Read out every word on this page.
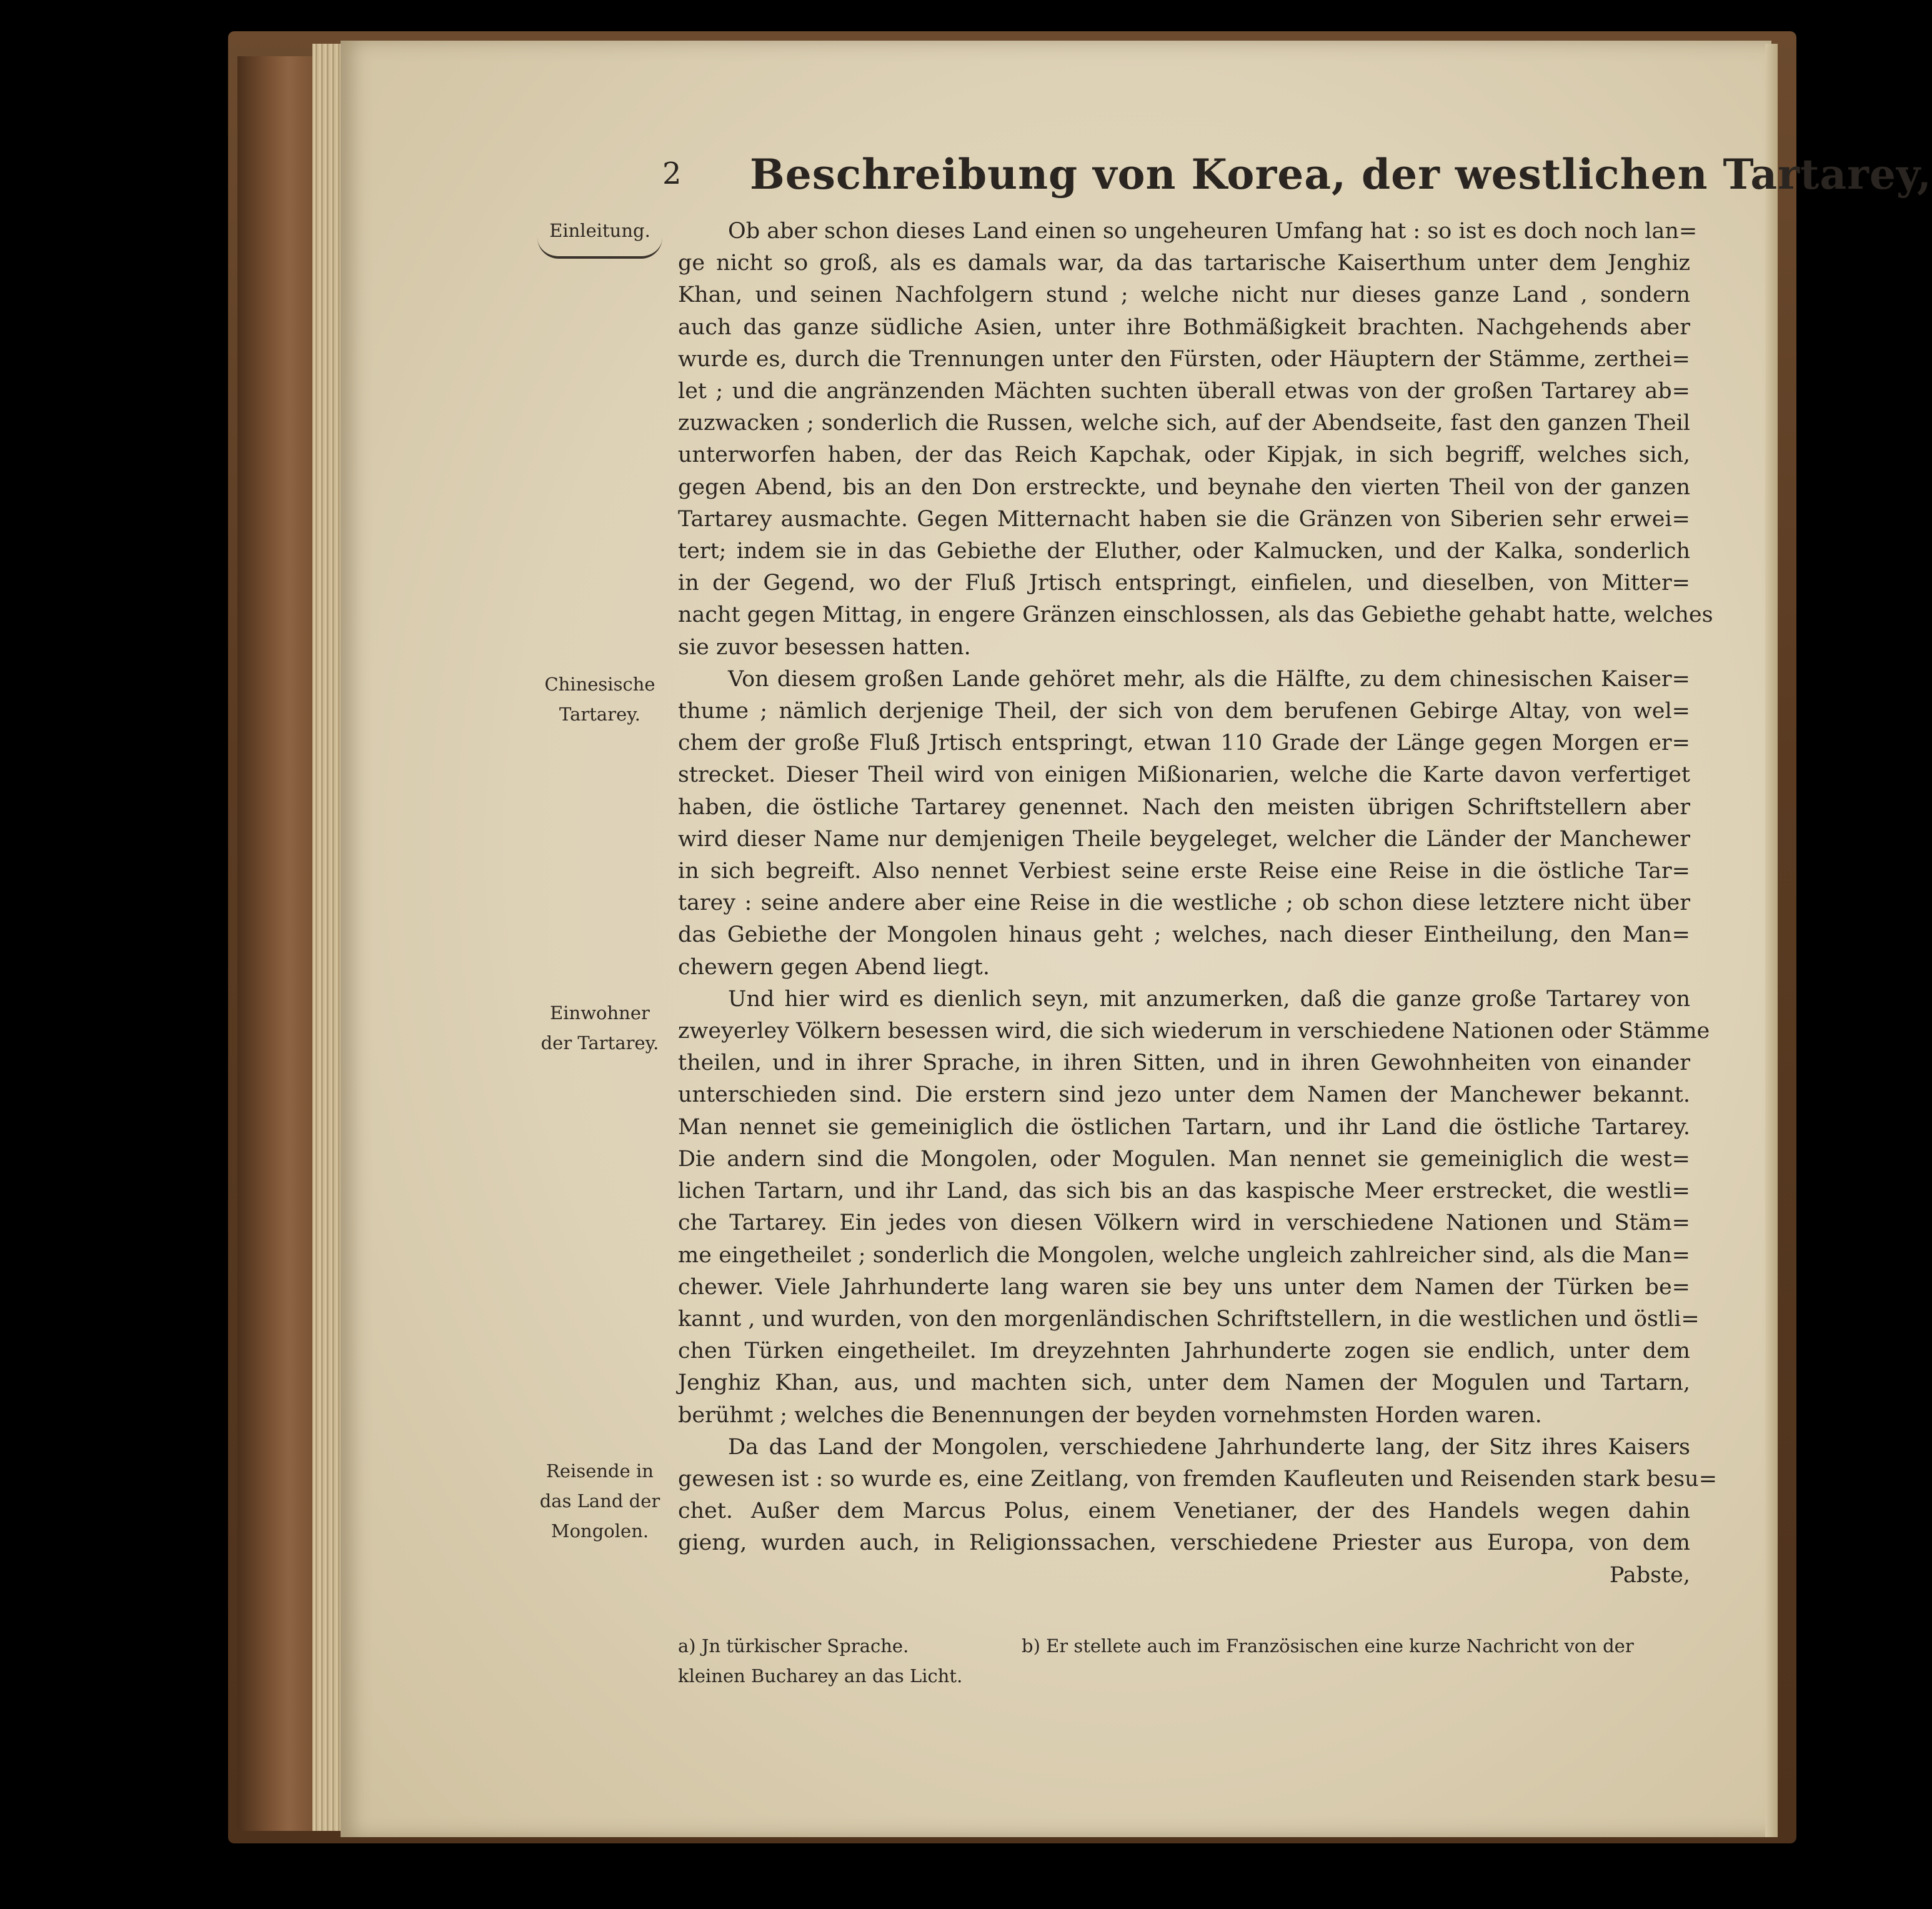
2 Beschreibung von Korea, der westlichen Tartarey,
Einleitung.
Chinesische
Tartarey.
Einwohner
der Tartarey.
Reisende in
das Land der
Mongolen.
Ob aber schon dieses Land einen so ungeheuren Umfang hat : so ist es doch noch lan=
ge nicht so groß, als es damals war, da das tartarische Kaiserthum unter dem Jenghiz
Khan, und seinen Nachfolgern stund ; welche nicht nur dieses ganze Land , sondern
auch das ganze südliche Asien, unter ihre Bothmäßigkeit brachten. Nachgehends aber
wurde es, durch die Trennungen unter den Fürsten, oder Häuptern der Stämme, zerthei=
let ; und die angränzenden Mächten suchten überall etwas von der großen Tartarey ab=
zuzwacken ; sonderlich die Russen, welche sich, auf der Abendseite, fast den ganzen Theil
unterworfen haben, der das Reich Kapchak, oder Kipjak, in sich begriff, welches sich,
gegen Abend, bis an den Don erstreckte, und beynahe den vierten Theil von der ganzen
Tartarey ausmachte. Gegen Mitternacht haben sie die Gränzen von Siberien sehr erwei=
tert; indem sie in das Gebiethe der Eluther, oder Kalmucken, und der Kalka, sonderlich
in der Gegend, wo der Fluß Jrtisch entspringt, einfielen, und dieselben, von Mitter=
nacht gegen Mittag, in engere Gränzen einschlossen, als das Gebiethe gehabt hatte, welches
sie zuvor besessen hatten.
Von diesem großen Lande gehöret mehr, als die Hälfte, zu dem chinesischen Kaiser=
thume ; nämlich derjenige Theil, der sich von dem berufenen Gebirge Altay, von wel=
chem der große Fluß Jrtisch entspringt, etwan 110 Grade der Länge gegen Morgen er=
strecket. Dieser Theil wird von einigen Mißionarien, welche die Karte davon verfertiget
haben, die östliche Tartarey genennet. Nach den meisten übrigen Schriftstellern aber
wird dieser Name nur demjenigen Theile beygeleget, welcher die Länder der Manchewer
in sich begreift. Also nennet Verbiest seine erste Reise eine Reise in die östliche Tar=
tarey : seine andere aber eine Reise in die westliche ; ob schon diese letztere nicht über
das Gebiethe der Mongolen hinaus geht ; welches, nach dieser Eintheilung, den Man=
chewern gegen Abend liegt.
Und hier wird es dienlich seyn, mit anzumerken, daß die ganze große Tartarey von
zweyerley Völkern besessen wird, die sich wiederum in verschiedene Nationen oder Stämme
theilen, und in ihrer Sprache, in ihren Sitten, und in ihren Gewohnheiten von einander
unterschieden sind. Die erstern sind jezo unter dem Namen der Manchewer bekannt.
Man nennet sie gemeiniglich die östlichen Tartarn, und ihr Land die östliche Tartarey.
Die andern sind die Mongolen, oder Mogulen. Man nennet sie gemeiniglich die west=
lichen Tartarn, und ihr Land, das sich bis an das kaspische Meer erstrecket, die westli=
che Tartarey. Ein jedes von diesen Völkern wird in verschiedene Nationen und Stäm=
me eingetheilet ; sonderlich die Mongolen, welche ungleich zahlreicher sind, als die Man=
chewer. Viele Jahrhunderte lang waren sie bey uns unter dem Namen der Türken be=
kannt , und wurden, von den morgenländischen Schriftstellern, in die westlichen und östli=
chen Türken eingetheilet. Im dreyzehnten Jahrhunderte zogen sie endlich, unter dem
Jenghiz Khan, aus, und machten sich, unter dem Namen der Mogulen und Tartarn,
berühmt ; welches die Benennungen der beyden vornehmsten Horden waren.
Da das Land der Mongolen, verschiedene Jahrhunderte lang, der Sitz ihres Kaisers
gewesen ist : so wurde es, eine Zeitlang, von fremden Kaufleuten und Reisenden stark besu=
chet. Außer dem Marcus Polus, einem Venetianer, der des Handels wegen dahin
gieng, wurden auch, in Religionssachen, verschiedene Priester aus Europa, von dem
Pabste,
a) Jn türkischer Sprache.	b) Er stellete auch im Französischen eine kurze Nachricht von der
kleinen Bucharey an das Licht.
